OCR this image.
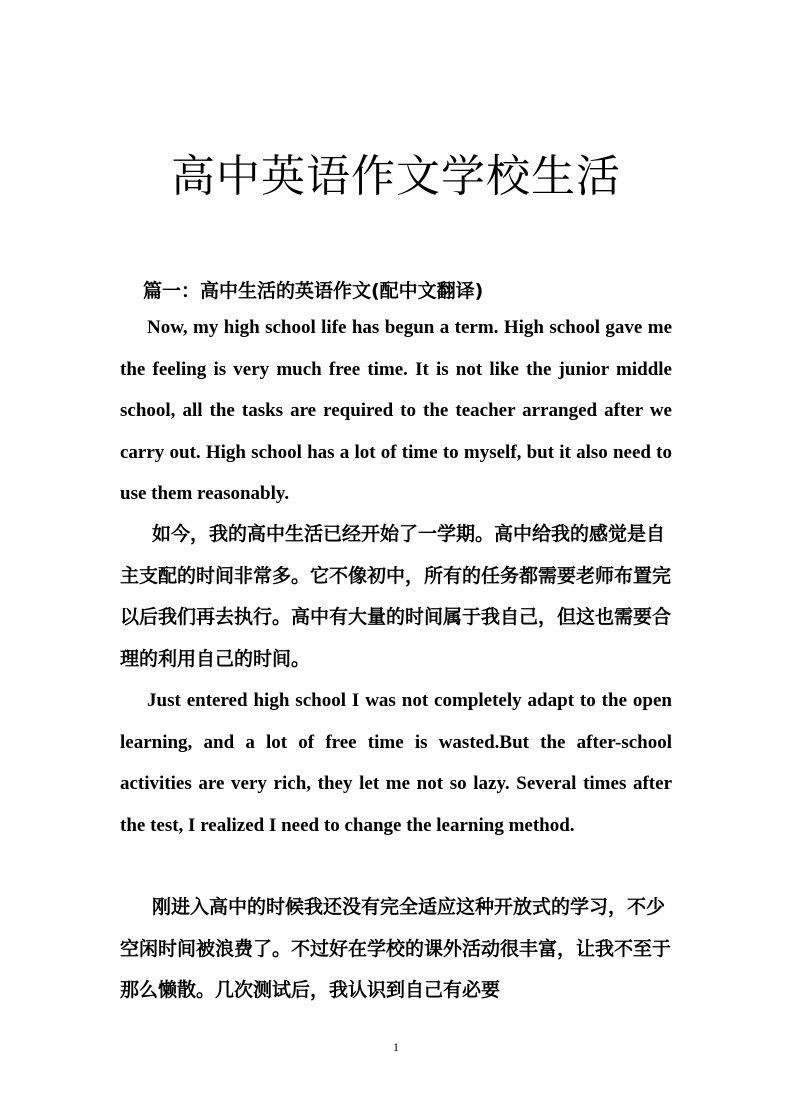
高中英语作文学校生活
篇一：高中生活的英语作文(配中文翻译)

Now, my high school life has begun a term. High school gave me the feeling is very much free time. It is not like the junior middle school, all the tasks are required to the teacher arranged after we carry out. High school has a lot of time to myself, but it also need to use them reasonably.

如今，我的高中生活已经开始了一学期。高中给我的感觉是自主支配的时间非常多。它不像初中，所有的任务都需要老师布置完以后我们再去执行。高中有大量的时间属于我自己，但这也需要合理的利用自己的时间。

Just entered high school I was not completely adapt to the open learning, and a lot of free time is wasted.But the after-school activities are very rich, they let me not so lazy. Several times after the test, I realized I need to change the learning method.

刚进入高中的时候我还没有完全适应这种开放式的学习，不少空闲时间被浪费了。不过好在学校的课外活动很丰富，让我不至于那么懒散。几次测试后，我认识到自己有必要

1
